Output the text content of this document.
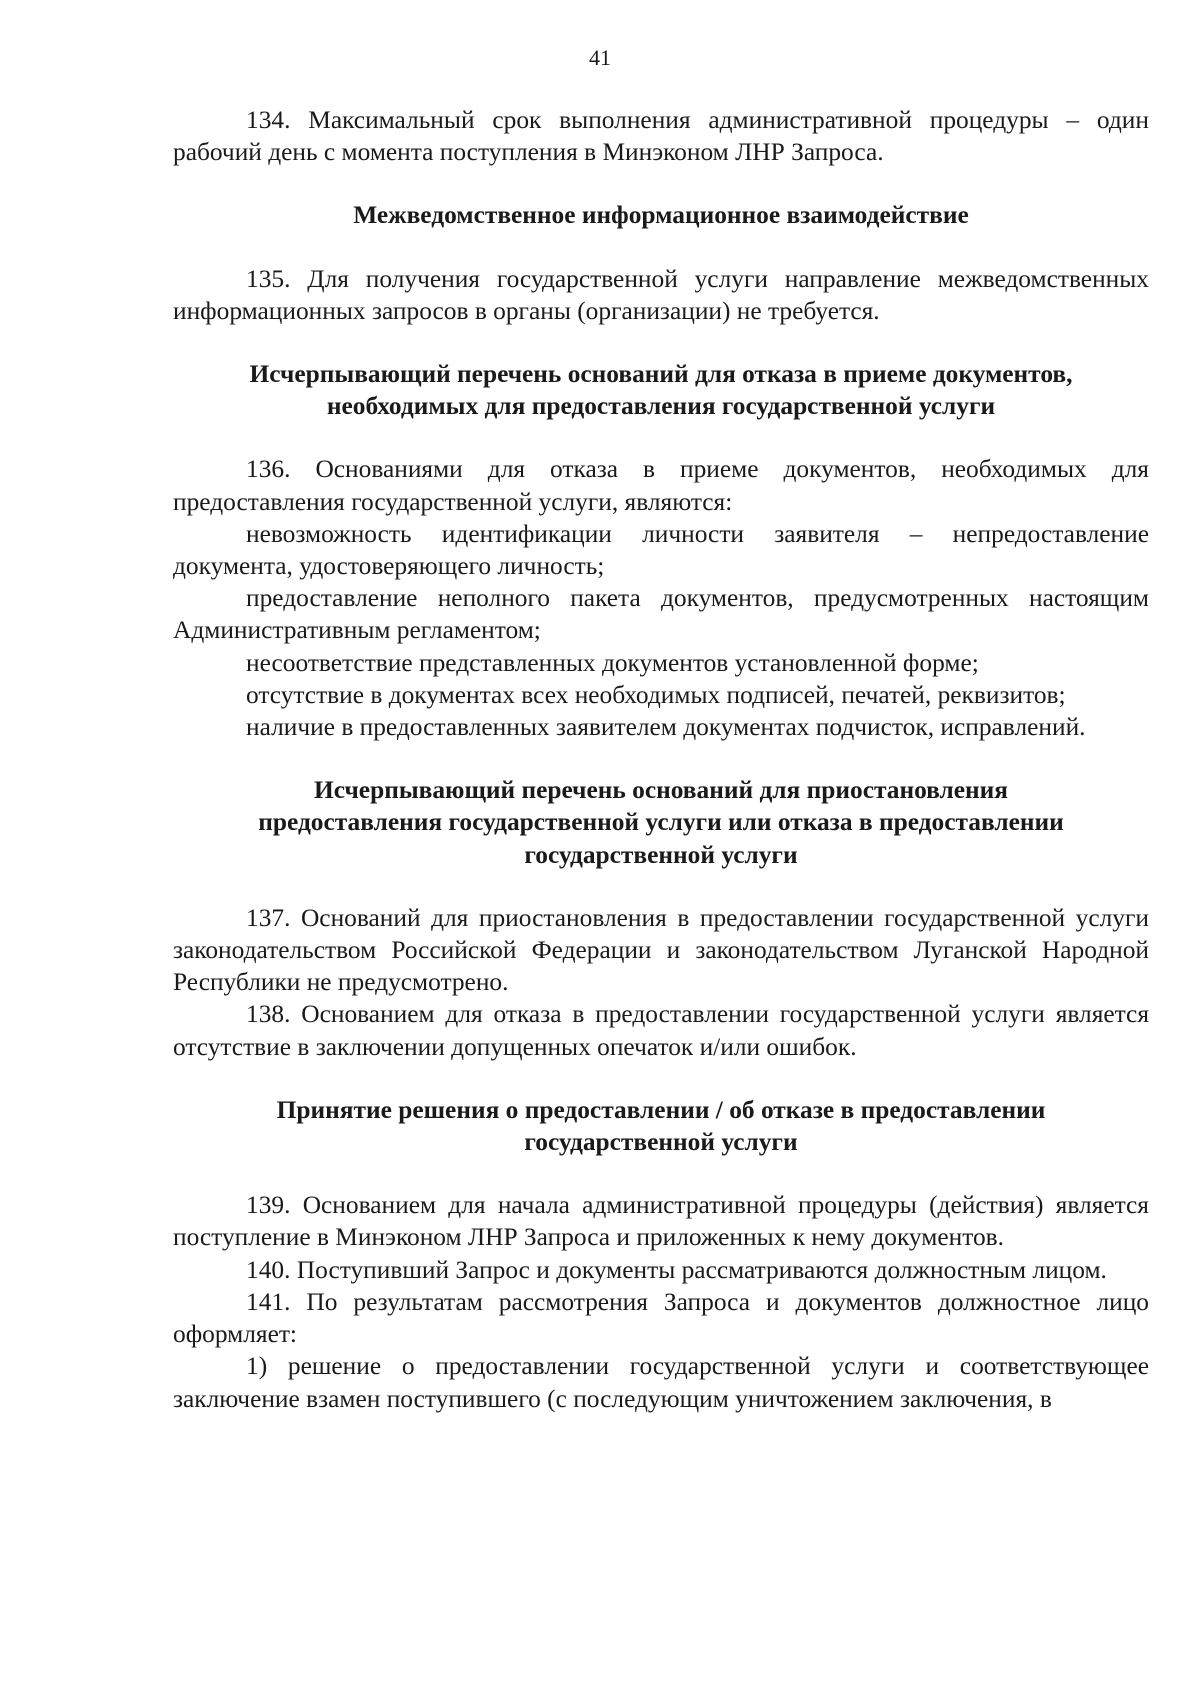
41

134. Максимальный срок выполнения административной процедуры – один рабочий день с момента поступления в Минэконом ЛНР Запроса.

Межведомственное информационное взаимодействие

135. Для получения государственной услуги направление межведомственных информационных запросов в органы (организации) не требуется.

Исчерпывающий перечень оснований для отказа в приеме документов,
необходимых для предоставления государственной услуги

136. Основаниями для отказа в приеме документов, необходимых для предоставления государственной услуги, являются:

невозможность идентификации личности заявителя – непредоставление документа, удостоверяющего личность;

предоставление неполного пакета документов, предусмотренных настоящим Административным регламентом;

несоответствие представленных документов установленной форме;

отсутствие в документах всех необходимых подписей, печатей, реквизитов;

наличие в предоставленных заявителем документах подчисток, исправлений.

Исчерпывающий перечень оснований для приостановления
предоставления государственной услуги или отказа в предоставлении
государственной услуги

137. Оснований для приостановления в предоставлении государственной услуги законодательством Российской Федерации и законодательством Луганской Народной Республики не предусмотрено.

138. Основанием для отказа в предоставлении государственной услуги является отсутствие в заключении допущенных опечаток и/или ошибок.

Принятие решения о предоставлении / об отказе в предоставлении
государственной услуги

139. Основанием для начала административной процедуры (действия) является поступление в Минэконом ЛНР Запроса и приложенных к нему документов.

140. Поступивший Запрос и документы рассматриваются должностным лицом.

141. По результатам рассмотрения Запроса и документов должностное лицо оформляет:

1) решение о предоставлении государственной услуги и соответствующее заключение взамен поступившего (с последующим уничтожением заключения, в
